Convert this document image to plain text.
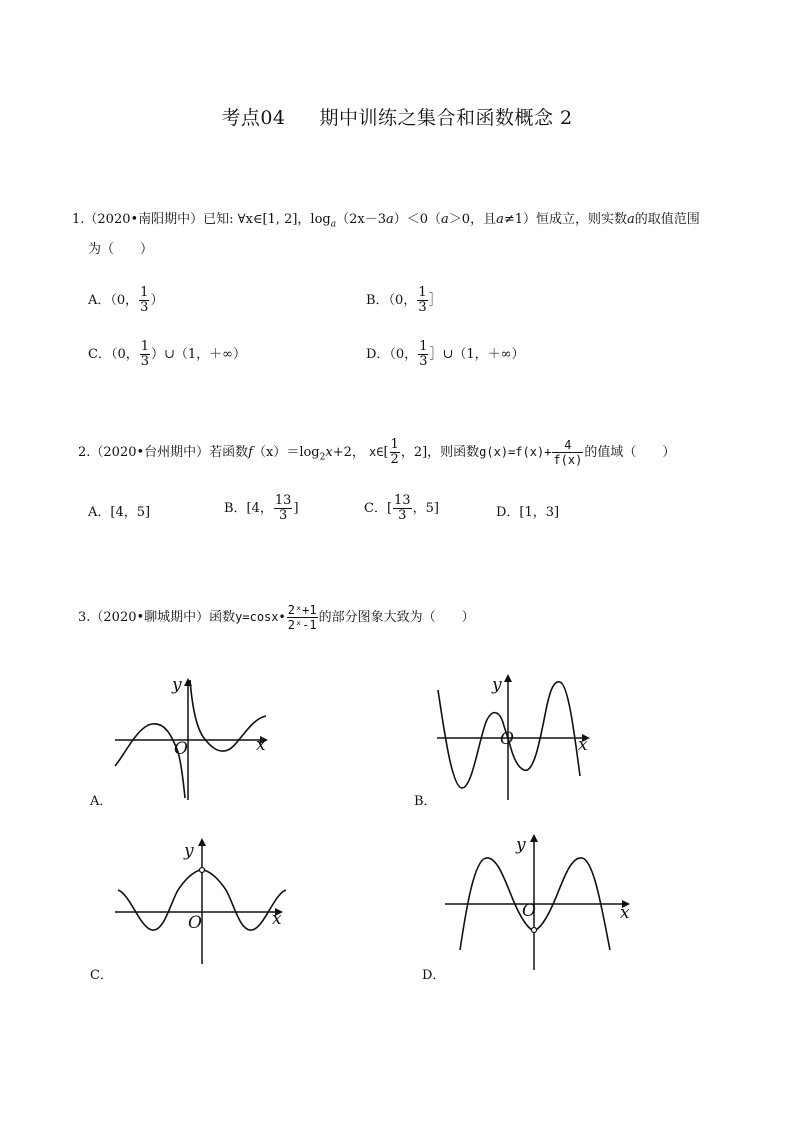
考点04 期中训练之集合和函数概念 2
1.（2020•南阳期中）已知: ∀x∈[1, 2]，$\log_a(2x-3a)<0(a>0$，且a≠1）恒成立，则实数a的取值范围
为（　　）
A．（0， $\frac{1}{3}$ ）	B．（0， $\frac{1}{3}$ ］
C．（0， $\frac{1}{3}$ ）∪（1，＋∞）	D．（0， $\frac{1}{3}$ ］∪（1，＋∞）
2.（2020•台州期中）若函数$f(x)=\log_2x+2$， x∈[ $\frac{1}{2}$ ，2]，则函数$g(x)=f(x)+ \frac{4}{f(x)}$ 的值域（　　）
A．[4，5]	B．[4， $\frac{13}{3}$ ]	C．[ $\frac{13}{3}$ ，5]	D．[1，3]
3.（2020•聊城期中）函数y=cosx• $\frac{\text{2ˣ+1}}{\text{2ˣ-1}}$ 的部分图象大致为（　　）
y
x
O
A．
y
x
O
B．
y
x
O
C．
y
x
O
D．
